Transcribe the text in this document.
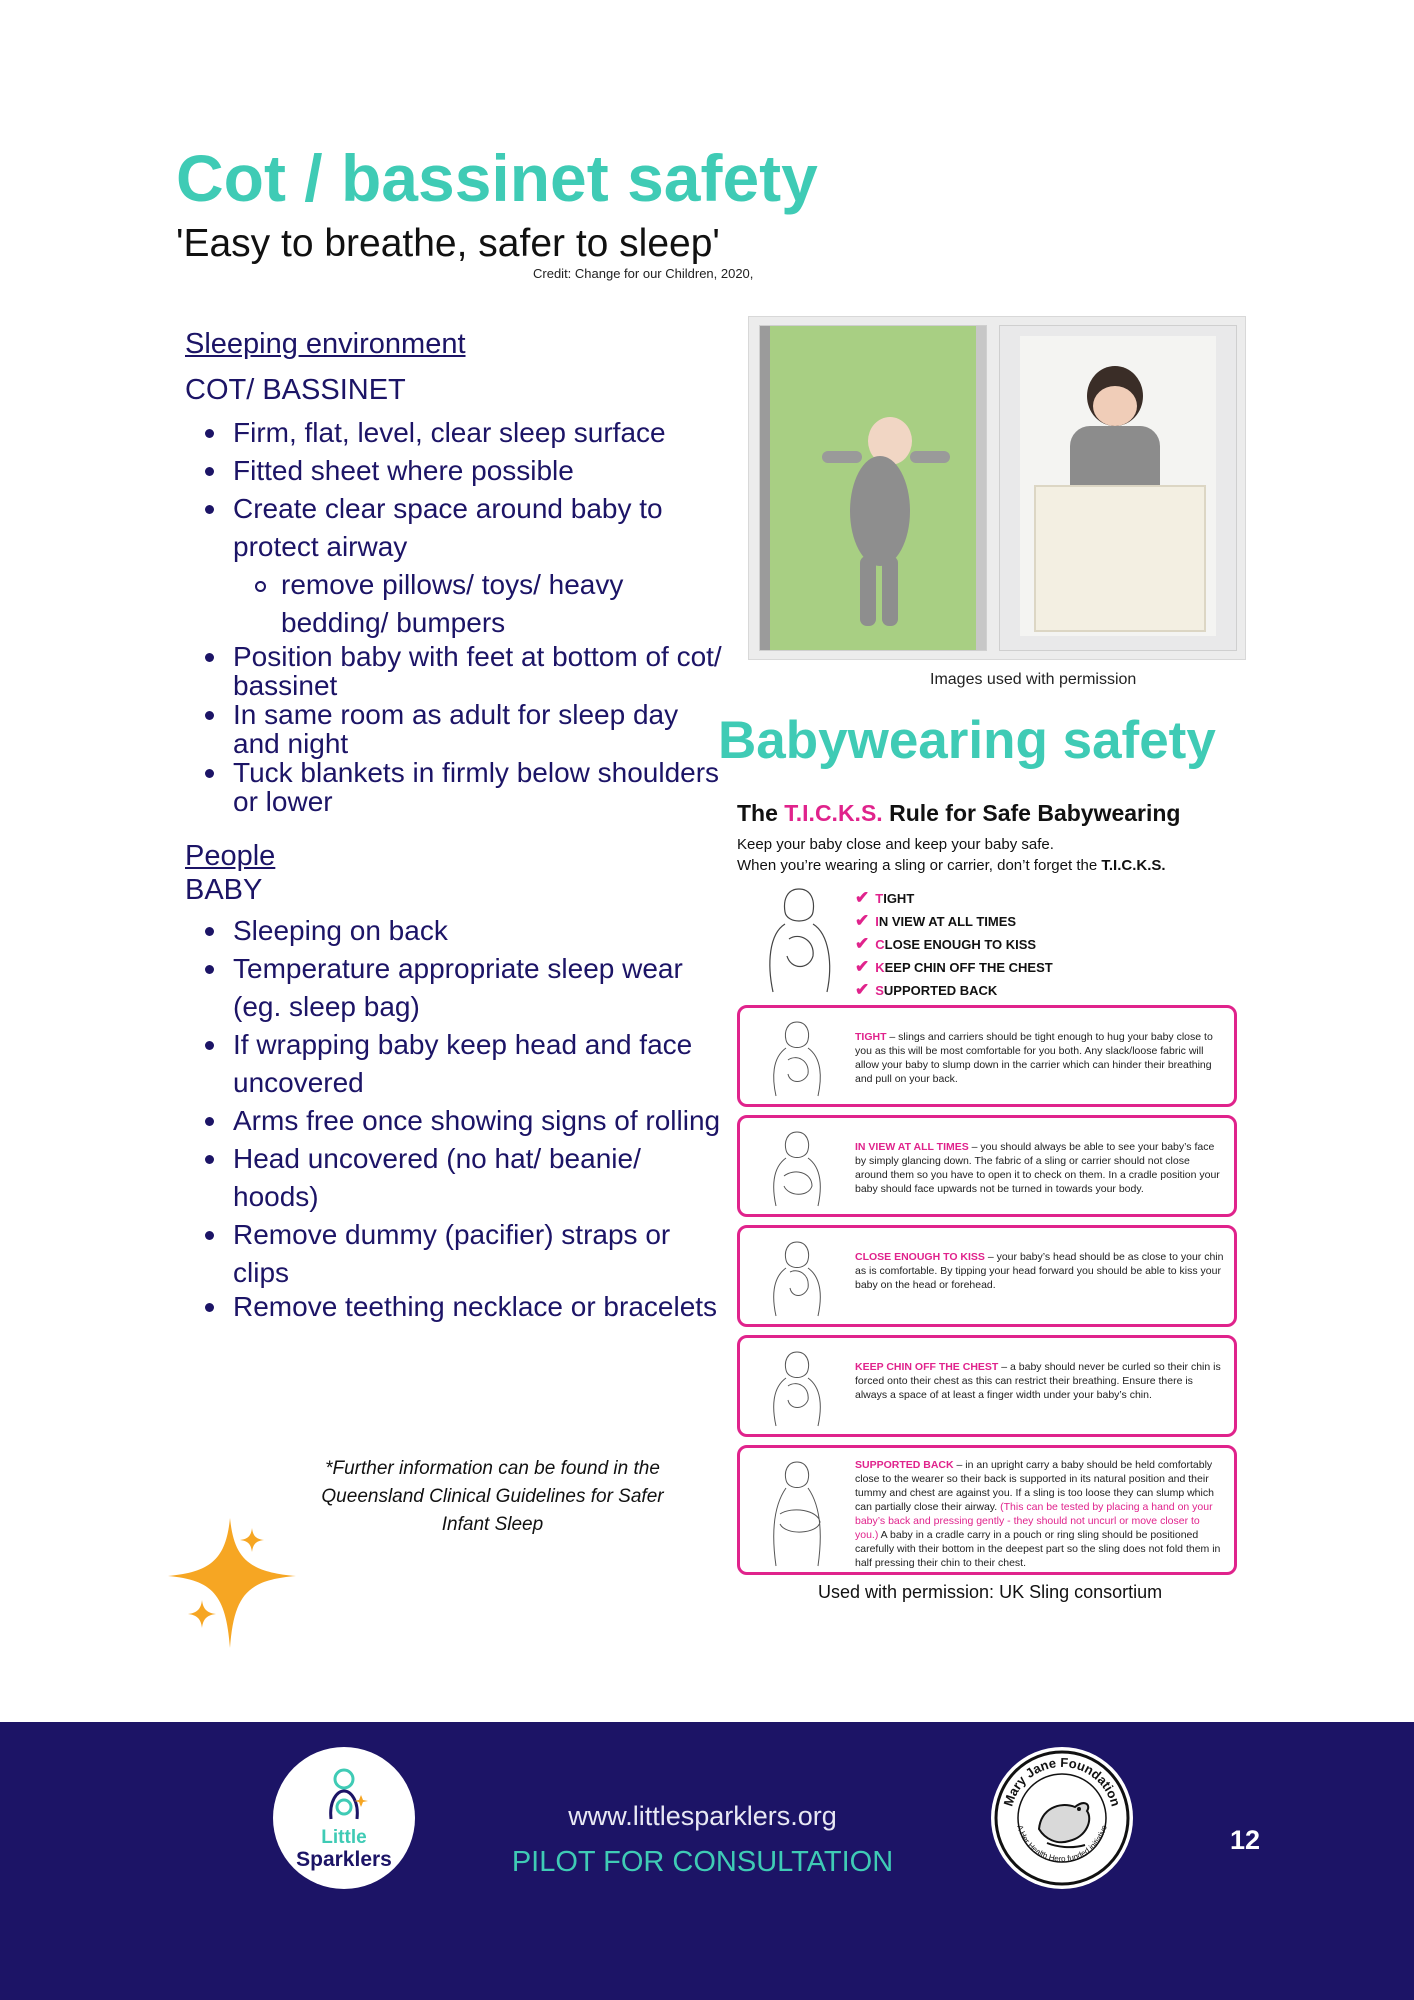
Cot / bassinet safety
'Easy to breathe, safer to sleep'
Credit: Change for our Children, 2020,
Sleeping environment
COT/ BASSINET
Firm, flat, level, clear sleep surface
Fitted sheet where possible
Create clear space around baby to protect airway
remove pillows/ toys/ heavy bedding/ bumpers
Position baby with feet at bottom of cot/ bassinet
In same room as adult for sleep day and night
Tuck blankets in firmly below shoulders or lower
People
BABY
Sleeping on back
Temperature appropriate sleep wear (eg. sleep bag)
If wrapping baby keep head and face uncovered
Arms free once showing signs of rolling
Head uncovered (no hat/ beanie/ hoods)
Remove dummy (pacifier) straps or clips
Remove teething necklace or bracelets
*Further information can be found in the Queensland Clinical Guidelines for Safer Infant Sleep
Images used with permission
Babywearing safety
The T.I.C.K.S. Rule for Safe Babywearing
Keep your baby close and keep your baby safe.
When you’re wearing a sling or carrier, don’t forget the T.I.C.K.S.
✔ TIGHT
✔ IN VIEW AT ALL TIMES
✔ CLOSE ENOUGH TO KISS
✔ KEEP CHIN OFF THE CHEST
✔ SUPPORTED BACK
TIGHT – slings and carriers should be tight enough to hug your baby close to you as this will be most comfortable for you both. Any slack/loose fabric will allow your baby to slump down in the carrier which can hinder their breathing and pull on your back.
IN VIEW AT ALL TIMES – you should always be able to see your baby’s face by simply glancing down. The fabric of a sling or carrier should not close around them so you have to open it to check on them. In a cradle position your baby should face upwards not be turned in towards your body.
CLOSE ENOUGH TO KISS – your baby’s head should be as close to your chin as is comfortable. By tipping your head forward you should be able to kiss your baby on the head or forehead.
KEEP CHIN OFF THE CHEST – a baby should never be curled so their chin is forced onto their chest as this can restrict their breathing. Ensure there is always a space of at least a finger width under your baby’s chin.
SUPPORTED BACK – in an upright carry a baby should be held comfortably close to the wearer so their back is supported in its natural position and their tummy and chest are against you. If a sling is too loose they can slump which can partially close their airway. (This can be tested by placing a hand on your baby’s back and pressing gently - they should not uncurl or move closer to you.) A baby in a cradle carry in a pouch or ring sling should be positioned carefully with their bottom in the deepest part so the sling does not fold them in half pressing their chin to their chest.
Used with permission: UK Sling consortium
Little
Sparklers
www.littlesparklers.org
PILOT FOR CONSULTATION
Mary Jane Foundation
A Her Health Hero funded initiative	12
